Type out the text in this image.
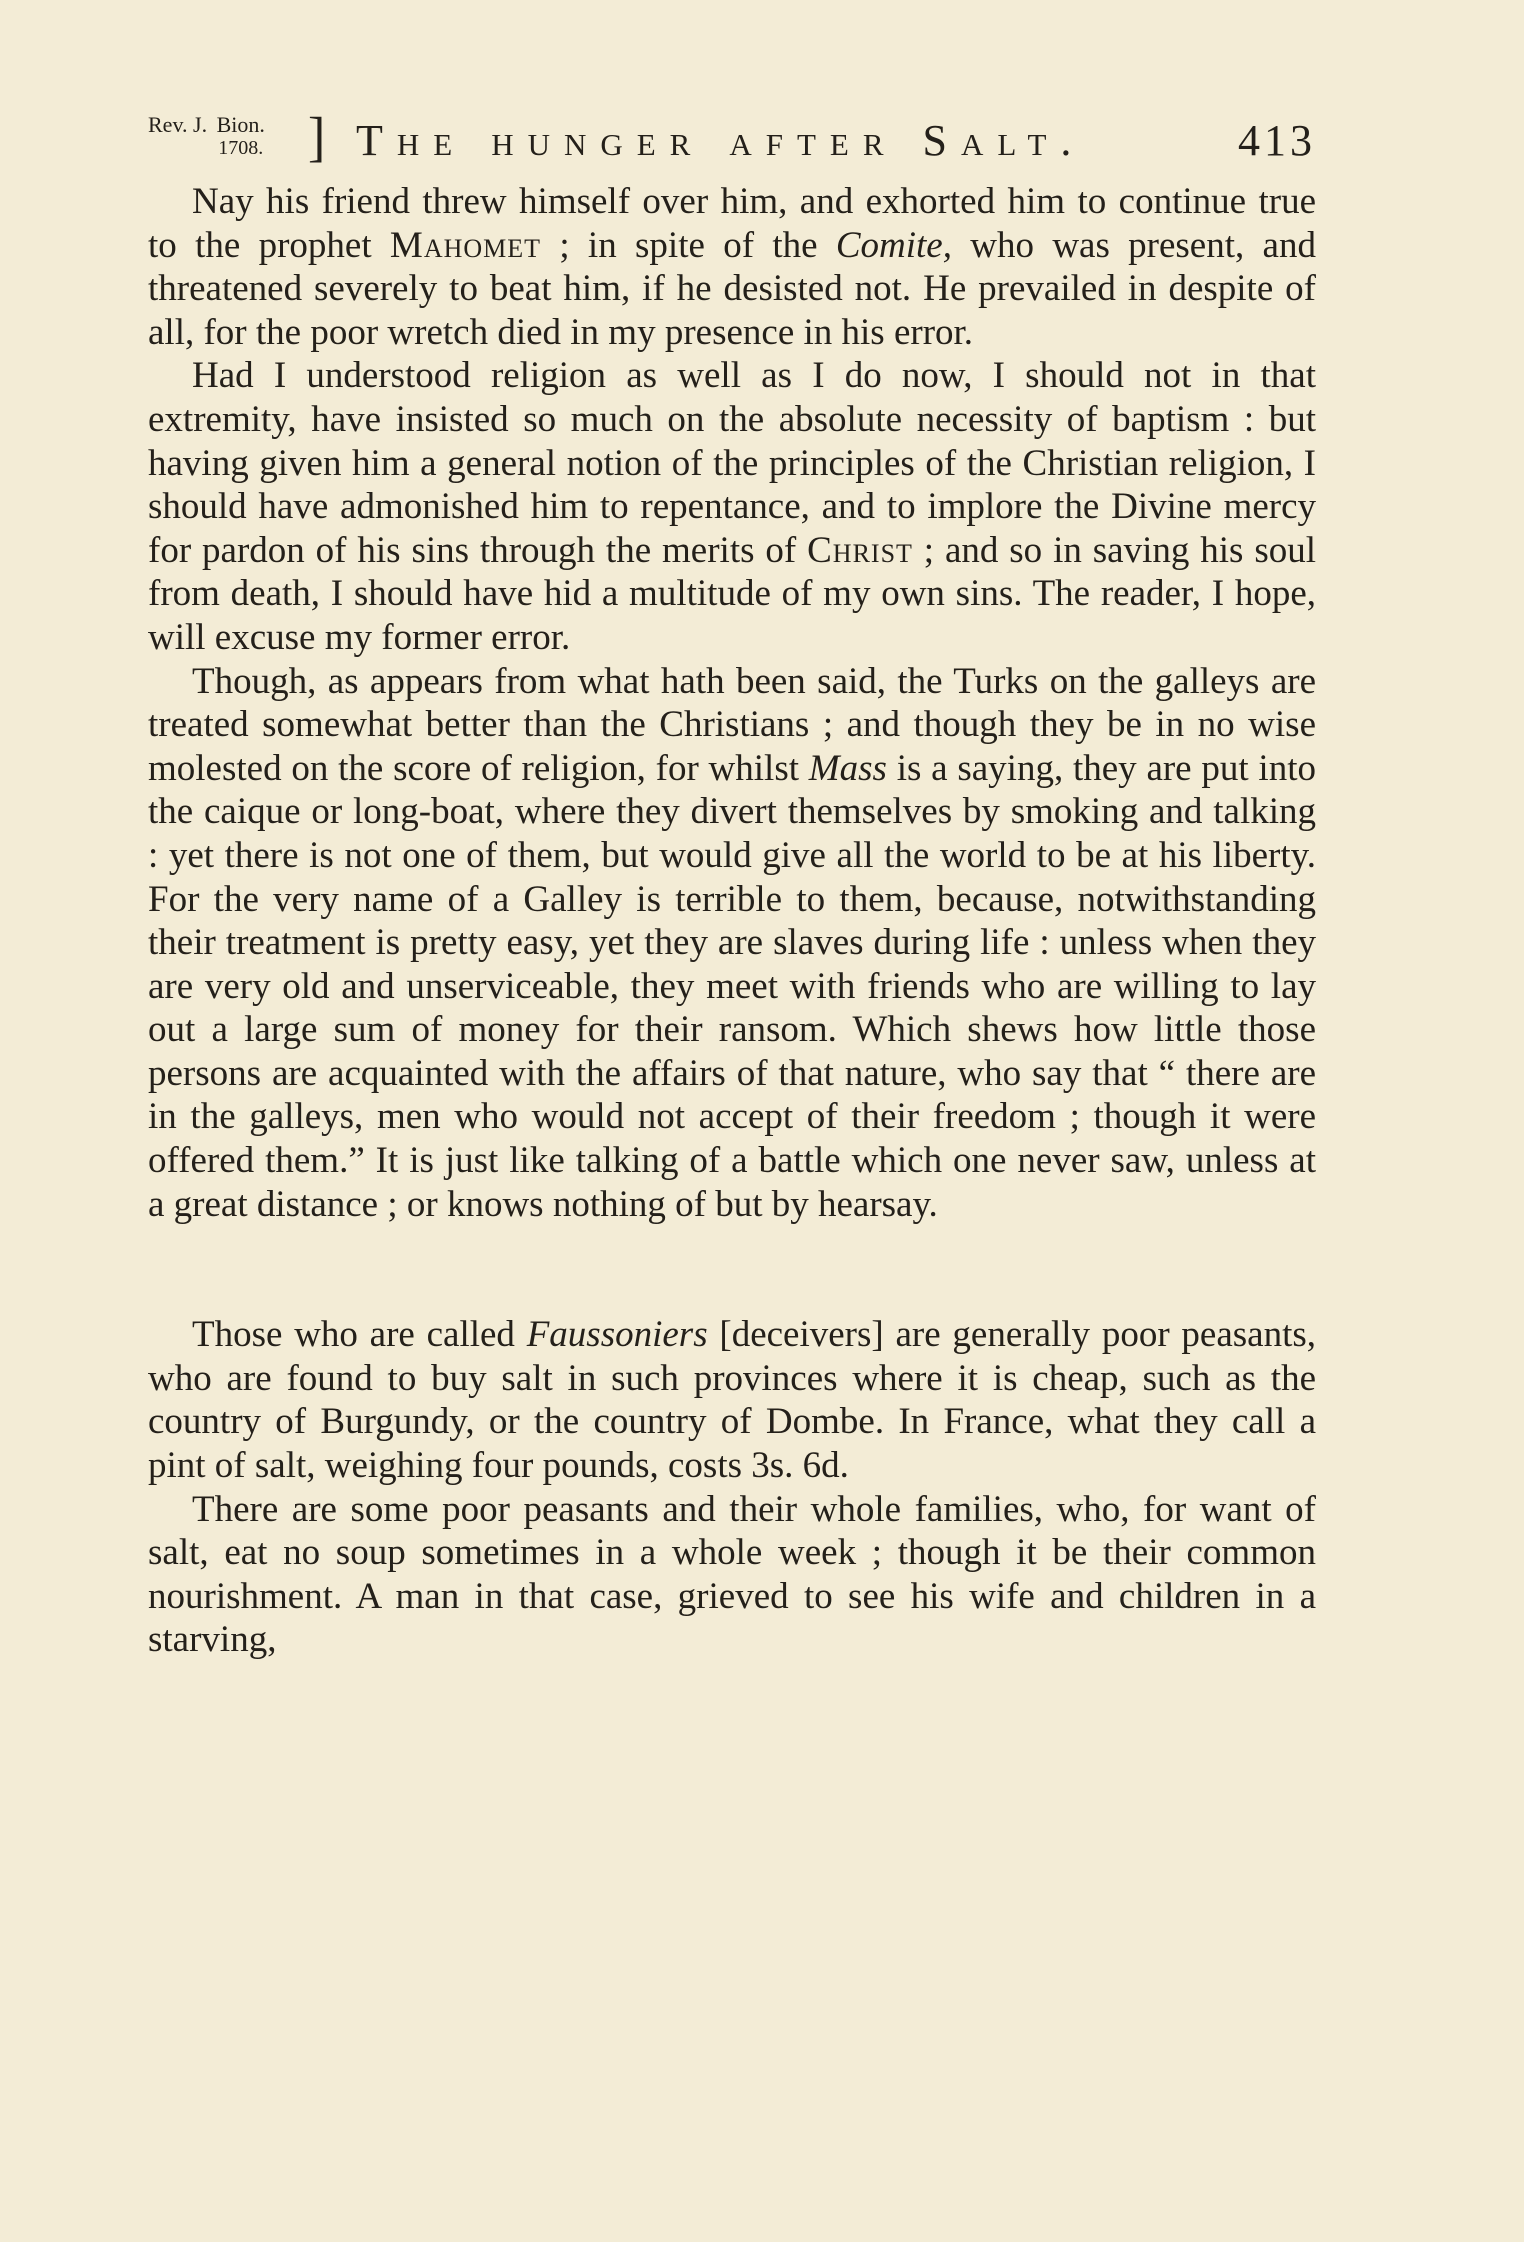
Rev. J. Bion.
1708. ] The hunger after Salt.	413

Nay his friend threw himself over him, and exhorted him to continue true to the prophet Mahomet ; in spite of the Comite, who was present, and threatened severely to beat him, if he desisted not. He prevailed in despite of all, for the poor wretch died in my presence in his error.

Had I understood religion as well as I do now, I should not in that extremity, have insisted so much on the absolute necessity of baptism : but having given him a general notion of the principles of the Christian religion, I should have admonished him to repentance, and to implore the Divine mercy for pardon of his sins through the merits of Christ ; and so in saving his soul from death, I should have hid a multitude of my own sins. The reader, I hope, will excuse my former error.

Though, as appears from what hath been said, the Turks on the galleys are treated somewhat better than the Christians ; and though they be in no wise molested on the score of religion, for whilst Mass is a saying, they are put into the caique or long-boat, where they divert themselves by smoking and talking : yet there is not one of them, but would give all the world to be at his liberty. For the very name of a Galley is terrible to them, because, notwithstanding their treatment is pretty easy, yet they are slaves during life : unless when they are very old and unserviceable, they meet with friends who are willing to lay out a large sum of money for their ransom. Which shews how little those persons are acquainted with the affairs of that nature, who say that “ there are in the galleys, men who would not accept of their freedom ; though it were offered them.” It is just like talking of a battle which one never saw, unless at a great distance ; or knows nothing of but by hearsay.

Those who are called Faussoniers [deceivers] are generally poor peasants, who are found to buy salt in such provinces where it is cheap, such as the country of Burgundy, or the country of Dombe. In France, what they call a pint of salt, weighing four pounds, costs 3s. 6d.

There are some poor peasants and their whole families, who, for want of salt, eat no soup sometimes in a whole week ; though it be their common nourishment. A man in that case, grieved to see his wife and children in a starving,
